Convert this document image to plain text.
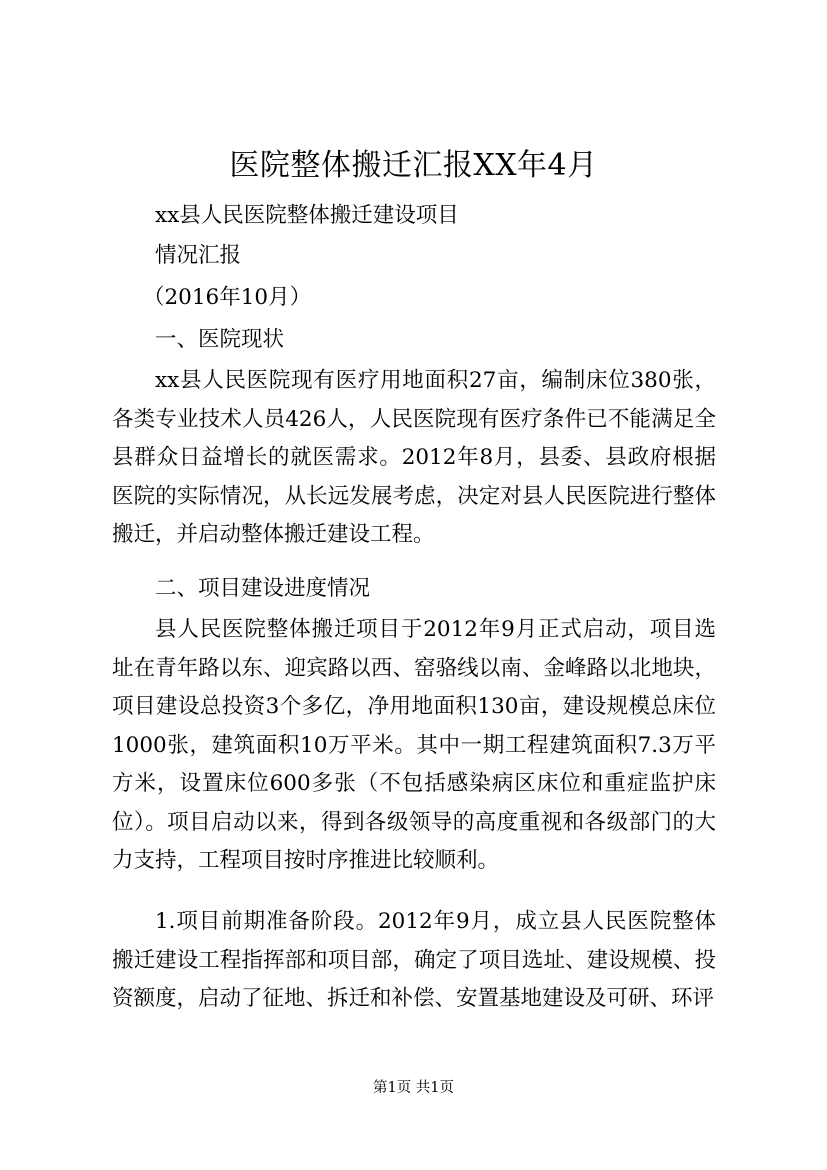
医院整体搬迁汇报XX年4月
xx县人民医院整体搬迁建设项目
情况汇报
（2016年10月）
一、医院现状

xx县人民医院现有医疗用地面积27亩，编制床位380张，各类专业技术人员426人，人民医院现有医疗条件已不能满足全县群众日益增长的就医需求。2012年8月，县委、县政府根据医院的实际情况，从长远发展考虑，决定对县人民医院进行整体搬迁，并启动整体搬迁建设工程。

二、项目建设进度情况

县人民医院整体搬迁项目于2012年9月正式启动，项目选址在青年路以东、迎宾路以西、窑骆线以南、金峰路以北地块，项目建设总投资3个多亿，净用地面积130亩，建设规模总床位1000张，建筑面积10万平米。其中一期工程建筑面积7.3万平方米，设置床位600多张（不包括感染病区床位和重症监护床位）。项目启动以来，得到各级领导的高度重视和各级部门的大力支持，工程项目按时序推进比较顺利。

1.项目前期准备阶段。2012年9月，成立县人民医院整体搬迁建设工程指挥部和项目部，确定了项目选址、建设规模、投资额度，启动了征地、拆迁和补偿、安置基地建设及可研、环评

第1页 共1页
